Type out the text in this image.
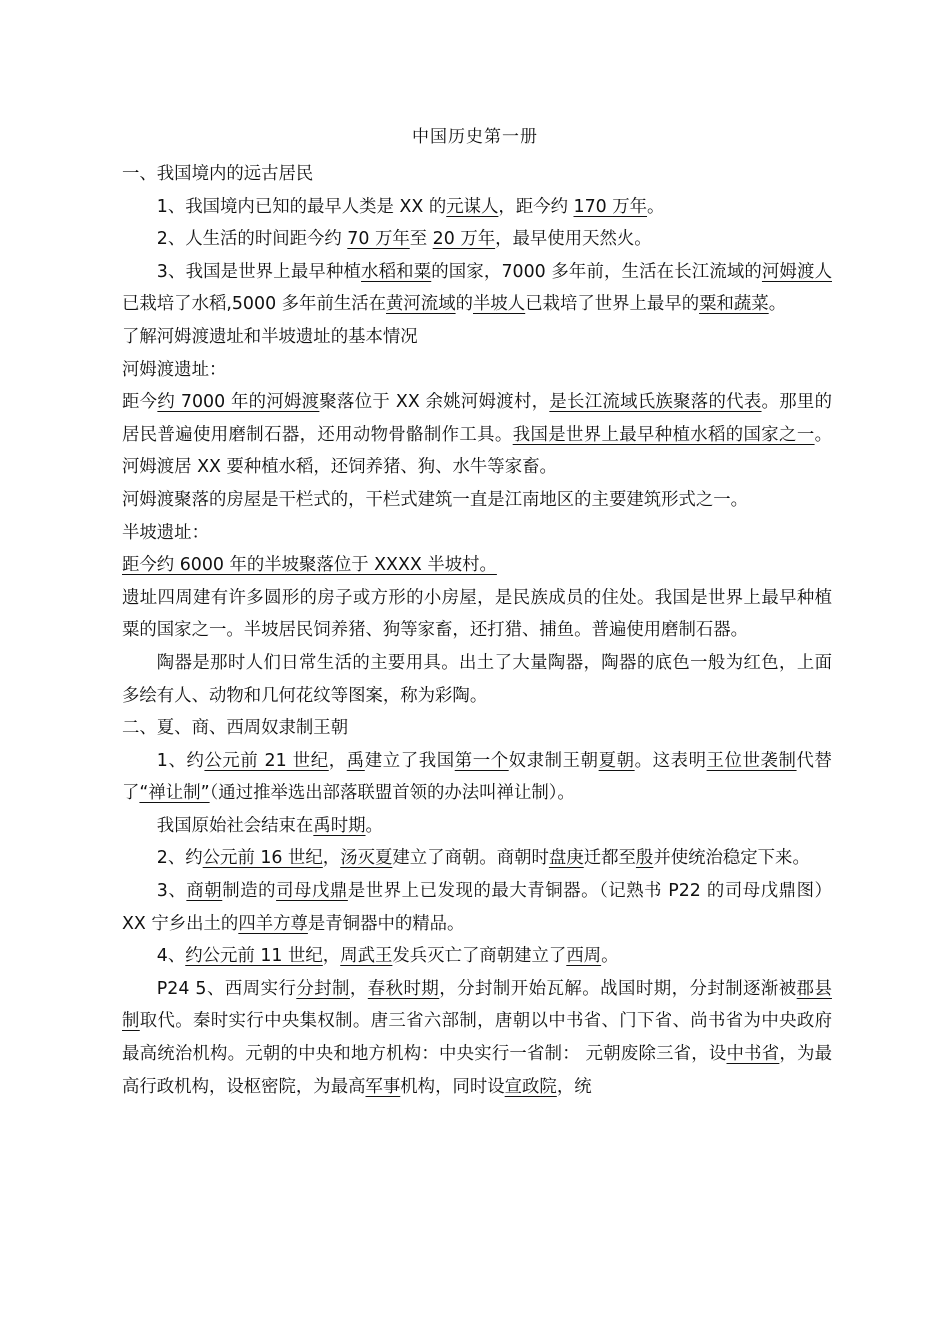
中国历史第一册

一、我国境内的远古居民

1、我国境内已知的最早人类是 XX 的元谋人，距今约 170 万年。

2、人生活的时间距今约 70 万年至 20 万年，最早使用天然火。

3、我国是世界上最早种植水稻和粟的国家，7000 多年前，生活在长江流域的河姆渡人已栽培了水稻,5000 多年前生活在黄河流域的半坡人已栽培了世界上最早的粟和蔬菜。

了解河姆渡遗址和半坡遗址的基本情况

河姆渡遗址：

距今约 7000 年的河姆渡聚落位于 XX 余姚河姆渡村，是长江流域氏族聚落的代表。那里的居民普遍使用磨制石器，还用动物骨骼制作工具。我国是世界上最早种植水稻的国家之一。河姆渡居 XX 要种植水稻，还饲养猪、狗、水牛等家畜。

河姆渡聚落的房屋是干栏式的，干栏式建筑一直是江南地区的主要建筑形式之一。

半坡遗址：

距今约 6000 年的半坡聚落位于 XXXX 半坡村。

遗址四周建有许多圆形的房子或方形的小房屋，是民族成员的住处。我国是世界上最早种植粟的国家之一。半坡居民饲养猪、狗等家畜，还打猎、捕鱼。普遍使用磨制石器。

陶器是那时人们日常生活的主要用具。出土了大量陶器，陶器的底色一般为红色，上面多绘有人、动物和几何花纹等图案，称为彩陶。

二、夏、商、西周奴隶制王朝

1、约公元前 21 世纪，禹建立了我国第一个奴隶制王朝夏朝。这表明王位世袭制代替了“禅让制”（通过推举选出部落联盟首领的办法叫禅让制）。

我国原始社会结束在禹时期。

2、约公元前 16 世纪，汤灭夏建立了商朝。商朝时盘庚迁都至殷并使统治稳定下来。

3、商朝制造的司母戊鼎是世界上已发现的最大青铜器。（记熟书 P22 的司母戊鼎图）XX 宁乡出土的四羊方尊是青铜器中的精品。

4、约公元前 11 世纪，周武王发兵灭亡了商朝建立了西周。

P24 5、西周实行分封制，春秋时期，分封制开始瓦解。战国时期，分封制逐渐被郡县制取代。秦时实行中央集权制。唐三省六部制，唐朝以中书省、门下省、尚书省为中央政府最高统治机构。元朝的中央和地方机构：中央实行一省制： 元朝废除三省，设中书省，为最高行政机构，设枢密院，为最高军事机构，同时设宣政院，统
